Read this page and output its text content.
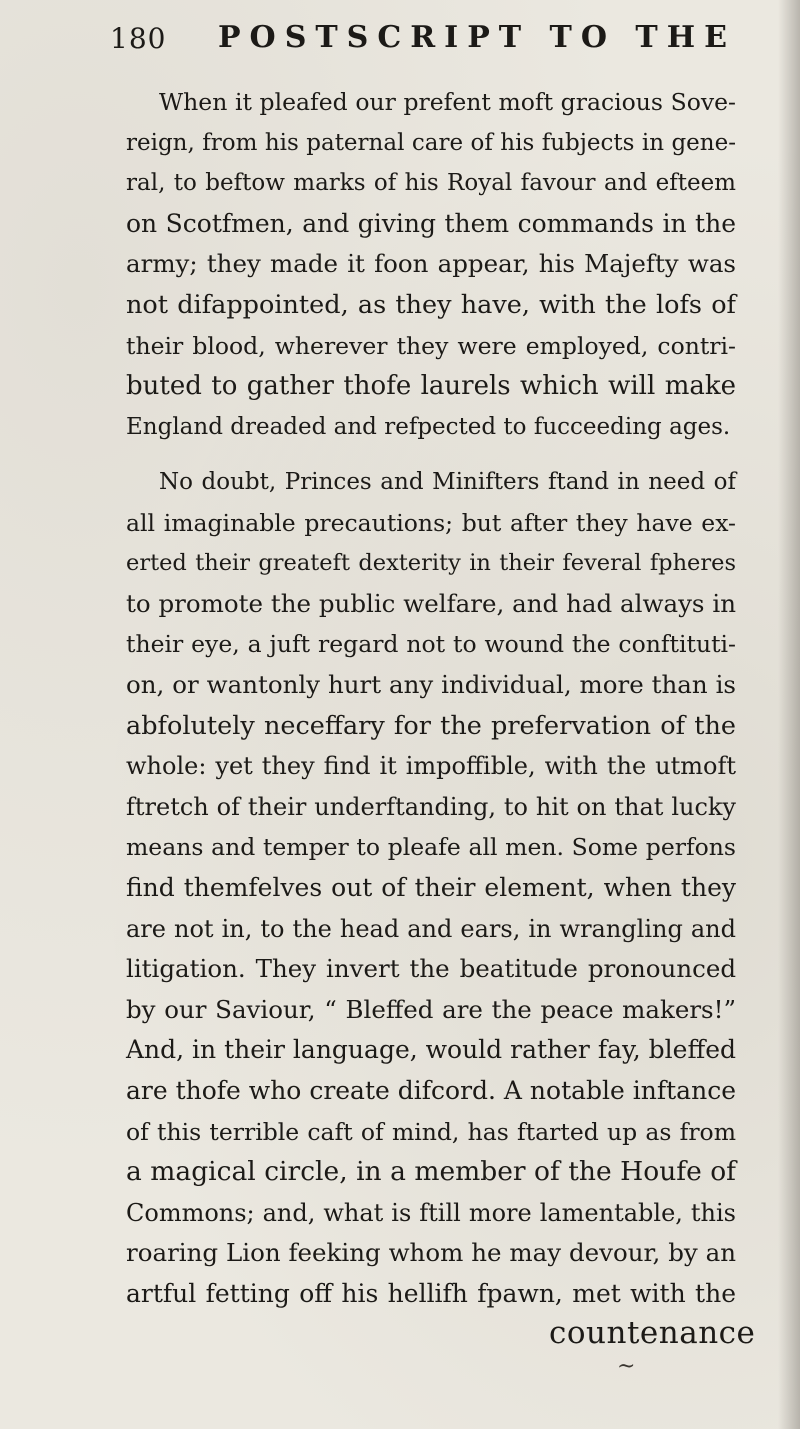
180 POSTSCRIPT TO THE
When it pleafed our prefent moft gracious Sove-
reign, from his paternal care of his fubjects in gene-
ral, to beftow marks of his Royal favour and efteem
on Scotfmen, and giving them commands in the
army; they made it foon appear, his Majefty was
not difappointed, as they have, with the lofs of
their blood, wherever they were employed, contri-
buted to gather thofe laurels which will make
England dreaded and refpected to fucceeding ages.
No doubt, Princes and Minifters ftand in need of
all imaginable precautions; but after they have ex-
erted their greateft dexterity in their feveral fpheres
to promote the public welfare, and had always in
their eye, a juft regard not to wound the conftituti-
on, or wantonly hurt any individual, more than is
abfolutely neceffary for the prefervation of the
whole: yet they find it impoffible, with the utmoft
ftretch of their underftanding, to hit on that lucky
means and temper to pleafe all men. Some perfons
find themfelves out of their element, when they
are not in, to the head and ears, in wrangling and
litigation. They invert the beatitude pronounced
by our Saviour, “ Bleffed are the peace makers!”
And, in their language, would rather fay, bleffed
are thofe who create difcord. A notable inftance
of this terrible caft of mind, has ftarted up as from
a magical circle, in a member of the Houfe of
Commons; and, what is ftill more lamentable, this
roaring Lion feeking whom he may devour, by an
artful fetting off his hellifh fpawn, met with the
countenance
~
